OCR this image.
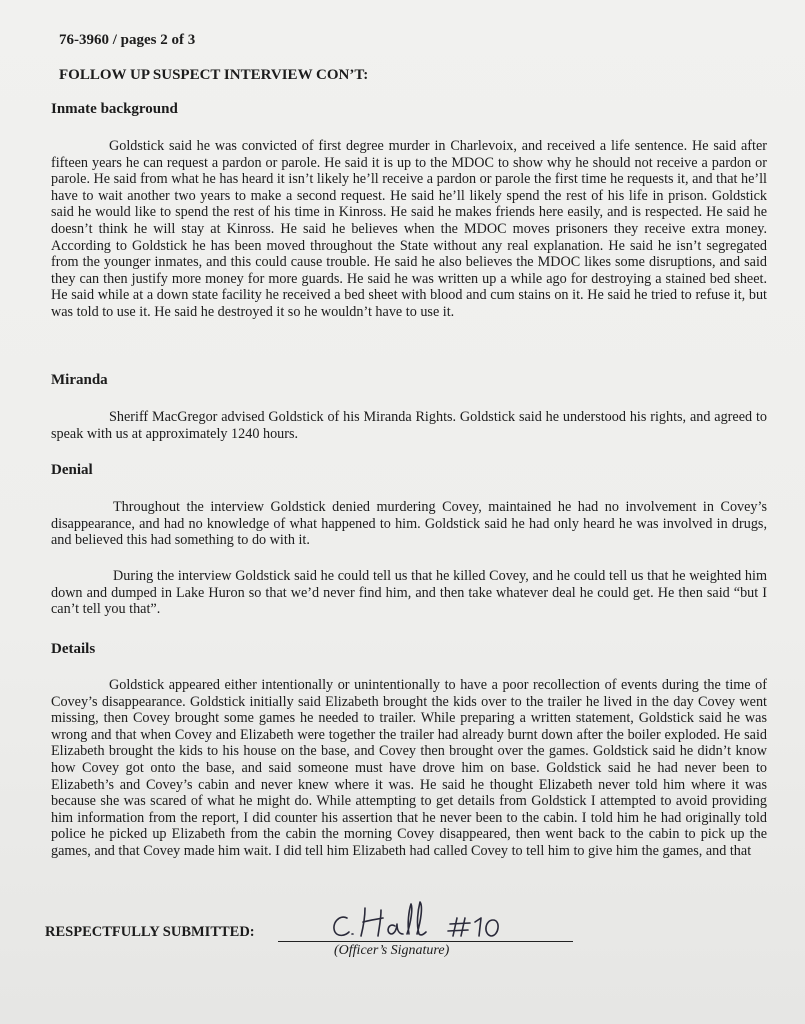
76-3960 / pages 2 of 3
FOLLOW UP SUSPECT INTERVIEW CON’T:
Inmate background

Goldstick said he was convicted of first degree murder in Charlevoix, and received a life sentence. He said after fifteen years he can request a pardon or parole. He said it is up to the MDOC to show why he should not receive a pardon or parole. He said from what he has heard it isn’t likely he’ll receive a pardon or parole the first time he requests it, and that he’ll have to wait another two years to make a second request. He said he’ll likely spend the rest of his life in prison. Goldstick said he would like to spend the rest of his time in Kinross. He said he makes friends here easily, and is respected. He said he doesn’t think he will stay at Kinross. He said he believes when the MDOC moves prisoners they receive extra money. According to Goldstick he has been moved throughout the State without any real explanation. He said he isn’t segregated from the younger inmates, and this could cause trouble. He said he also believes the MDOC likes some disruptions, and said they can then justify more money for more guards. He said he was written up a while ago for destroying a stained bed sheet. He said while at a down state facility he received a bed sheet with blood and cum stains on it. He said he tried to refuse it, but was told to use it. He said he destroyed it so he wouldn’t have to use it.

Miranda

Sheriff MacGregor advised Goldstick of his Miranda Rights. Goldstick said he understood his rights, and agreed to speak with us at approximately 1240 hours.

Denial

Throughout the interview Goldstick denied murdering Covey, maintained he had no involvement in Covey’s disappearance, and had no knowledge of what happened to him. Goldstick said he had only heard he was involved in drugs, and believed this had something to do with it.

During the interview Goldstick said he could tell us that he killed Covey, and he could tell us that he weighted him down and dumped in Lake Huron so that we’d never find him, and then take whatever deal he could get. He then said “but I can’t tell you that”.

Details

Goldstick appeared either intentionally or unintentionally to have a poor recollection of events during the time of Covey’s disappearance. Goldstick initially said Elizabeth brought the kids over to the trailer he lived in the day Covey went missing, then Covey brought some games he needed to trailer. While preparing a written statement, Goldstick said he was wrong and that when Covey and Elizabeth were together the trailer had already burnt down after the boiler exploded. He said Elizabeth brought the kids to his house on the base, and Covey then brought over the games. Goldstick said he didn’t know how Covey got onto the base, and said someone must have drove him on base. Goldstick said he had never been to Elizabeth’s and Covey’s cabin and never knew where it was. He said he thought Elizabeth never told him where it was because she was scared of what he might do. While attempting to get details from Goldstick I attempted to avoid providing him information from the report, I did counter his assertion that he never been to the cabin. I told him he had originally told police he picked up Elizabeth from the cabin the morning Covey disappeared, then went back to the cabin to pick up the games, and that Covey made him wait. I did tell him Elizabeth had called Covey to tell him to give him the games, and that

RESPECTFULLY SUBMITTED:
(Officer’s Signature)
